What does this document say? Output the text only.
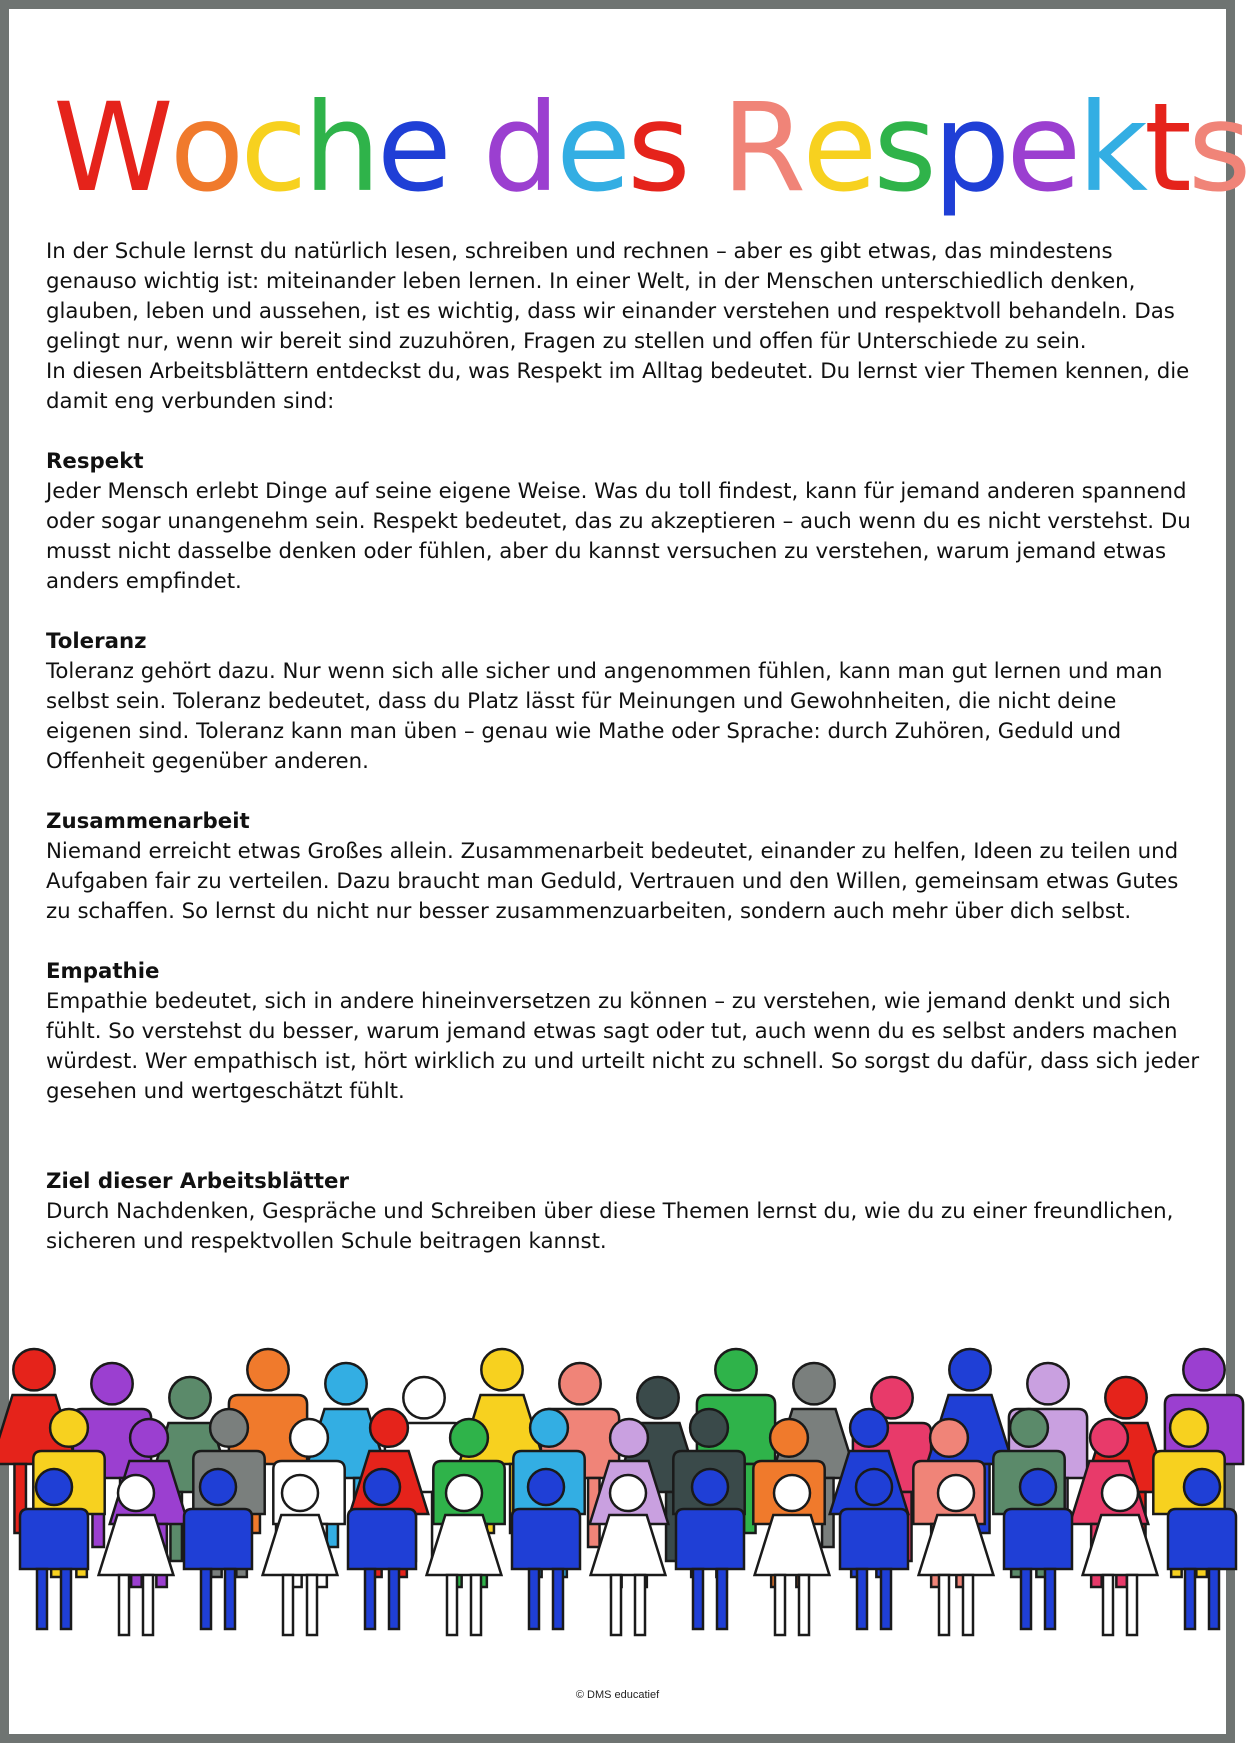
Woche des Respekts

In der Schule lernst du natürlich lesen, schreiben und rechnen – aber es gibt etwas, das mindestens genauso wichtig ist: miteinander leben lernen. In einer Welt, in der Menschen unterschiedlich denken, glauben, leben und aussehen, ist es wichtig, dass wir einander verstehen und respektvoll behandeln. Das gelingt nur, wenn wir bereit sind zuzuhören, Fragen zu stellen und offen für Unterschiede zu sein.

In diesen Arbeitsblättern entdeckst du, was Respekt im Alltag bedeutet. Du lernst vier Themen kennen, die damit eng verbunden sind:

Respekt

Jeder Mensch erlebt Dinge auf seine eigene Weise. Was du toll findest, kann für jemand anderen spannend oder sogar unangenehm sein. Respekt bedeutet, das zu akzeptieren – auch wenn du es nicht verstehst. Du musst nicht dasselbe denken oder fühlen, aber du kannst versuchen zu verstehen, warum jemand etwas anders empfindet.

Toleranz

Toleranz gehört dazu. Nur wenn sich alle sicher und angenommen fühlen, kann man gut lernen und man selbst sein. Toleranz bedeutet, dass du Platz lässt für Meinungen und Gewohnheiten, die nicht deine eigenen sind. Toleranz kann man üben – genau wie Mathe oder Sprache: durch Zuhören, Geduld und Offenheit gegenüber anderen.

Zusammenarbeit

Niemand erreicht etwas Großes allein. Zusammenarbeit bedeutet, einander zu helfen, Ideen zu teilen und Aufgaben fair zu verteilen. Dazu braucht man Geduld, Vertrauen und den Willen, gemeinsam etwas Gutes zu schaffen. So lernst du nicht nur besser zusammenzuarbeiten, sondern auch mehr über dich selbst.

Empathie

Empathie bedeutet, sich in andere hineinversetzen zu können – zu verstehen, wie jemand denkt und sich fühlt. So verstehst du besser, warum jemand etwas sagt oder tut, auch wenn du es selbst anders machen würdest. Wer empathisch ist, hört wirklich zu und urteilt nicht zu schnell. So sorgst du dafür, dass sich jeder gesehen und wertgeschätzt fühlt.

Ziel dieser Arbeitsblätter

Durch Nachdenken, Gespräche und Schreiben über diese Themen lernst du, wie du zu einer freundlichen, sicheren und respektvollen Schule beitragen kannst.

© DMS educatief
